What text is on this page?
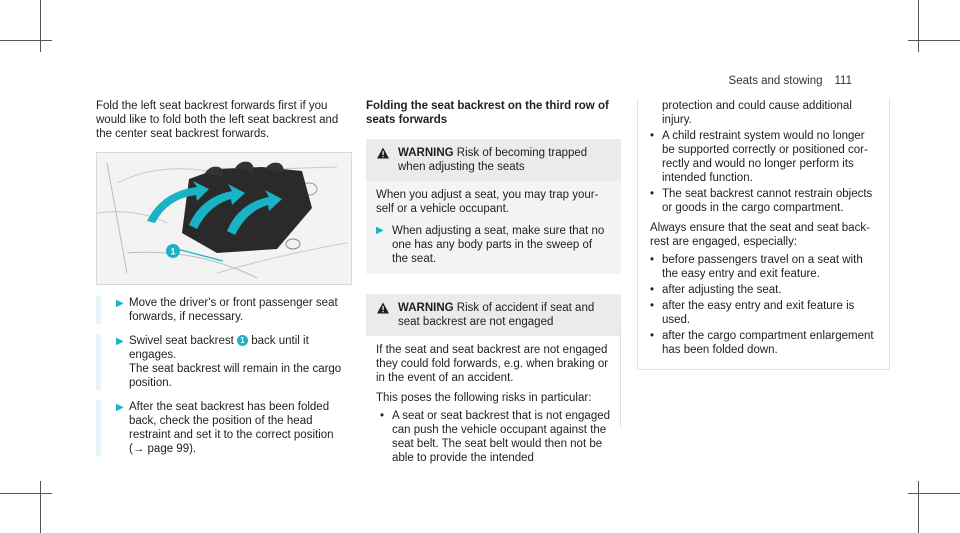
Seats and stowing 111

Fold the left seat backrest forwards first if you would like to fold both the left seat backrest and the center seat backrest forwards.

1
▶ Move the driver's or front passenger seat forwards, if necessary.
▶ Swivel seat backrest 1 back until it engages.
The seat backrest will remain in the cargo position.
▶ After the seat backrest has been folded back, check the position of the head restraint and set it to the correct position
(→ page 99).
Folding the seat backrest on the third row of seats forwards
WARNING Risk of becoming trapped when adjusting the seats

When you adjust a seat, you may trap yourself or a vehicle occupant.

▶ When adjusting a seat, make sure that no one has any body parts in the sweep of the seat.
WARNING Risk of accident if seat and seat backrest are not engaged

If the seat and seat backrest are not engaged they could fold forwards, e.g. when braking or in the event of an accident.

This poses the following risks in particular:

• A seat or seat backrest that is not engaged can push the vehicle occupant against the seat belt. The seat belt would then not be able to provide the intended

protection and could cause additional injury.

• A child restraint system would no longer be supported correctly or positioned correctly and would no longer perform its intended function.
• The seat backrest cannot restrain objects or goods in the cargo compartment.

Always ensure that the seat and seat backrest are engaged, especially:

• before passengers travel on a seat with the easy entry and exit feature.
• after adjusting the seat.
• after the easy entry and exit feature is used.
• after the cargo compartment enlargement has been folded down.
